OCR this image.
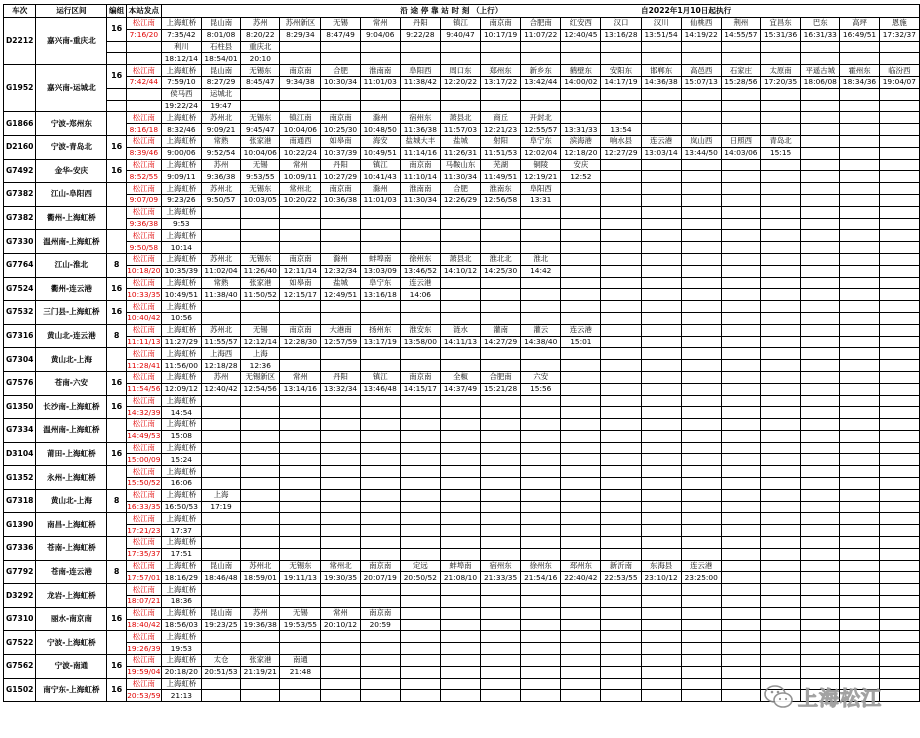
车次	运行区间	编组	本站发点							沿 途 停 靠 站 时 刻 （上行）						自2022年1月10日起执行						
D2212	嘉兴南-重庆北	16	松江南	上海虹桥	昆山南	苏州	苏州新区	无锡	常州	丹阳	镇江	南京南	合肥南	红安西	汉口	汉川	仙桃西	荆州	宜昌东	巴东	高坪	恩施
			7:16/20	7:35/42	8:01/08	8:20/22	8:29/34	8:47/49	9:04/06	9:22/28	9:40/47	10:17/19	11:07/22	12:40/45	13:16/28	13:51/54	14:19/22	14:55/57	15:31/36	16:31/33	16:49/51	17:32/37
				利川	石柱县	重庆北																
				18:12/14	18:54/01	20:10																
G1952	嘉兴南-运城北	16	松江南	上海虹桥	昆山南	无锡东	南京南	合肥	淮南南	阜阳西	周口东	郑州东	新乡东	鹤壁东	安阳东	邯郸东	高邑西	石家庄	太原南	平遥古城	霍州东	临汾西
			7:42/44	7:59/10	8:27/29	8:45/47	9:34/38	10:30/34	11:01/03	11:38/42	12:20/22	13:17/22	13:42/44	14:00/02	14:17/19	14:36/38	15:07/13	15:28/56	17:20/35	18:06/08	18:34/36	19:04/07
				侯马西	运城北																	
				19:22/24	19:47																	
G1866	宁波-郑州东		松江南	上海虹桥	苏州北	无锡东	镇江南	南京南	滁州	宿州东	萧县北	商丘	开封北									
			8:16/18	8:32/46	9:09/21	9:45/47	10:04/06	10:25/30	10:48/50	11:36/38	11:57/03	12:21/23	12:55/57	13:31/33	13:54							
D2160	宁波-青岛北	16	松江南	上海虹桥	常熟	张家港	南通西	如皋南	海安	盐城大丰	盐城	射阳	阜宁东	滨海港	响水县	连云港	岚山西	日照西	青岛北			
			8:39/46	9:00/06	9:52/54	10:04/06	10:22/24	10:37/39	10:49/51	11:14/16	11:26/31	11:51/53	12:02/04	12:18/20	12:27/29	13:03/14	13:44/50	14:03/06	15:15			
G7492	金华-安庆	16	松江南	上海虹桥	苏州	无锡	常州	丹阳	镇江	南京南	马鞍山东	芜湖	铜陵	安庆								
			8:52/55	9:09/11	9:36/38	9:53/55	10:09/11	10:27/29	10:41/43	11:10/14	11:30/34	11:49/51	12:19/21	12:52								
G7382	江山-阜阳西		松江南	上海虹桥	苏州北	无锡东	常州北	南京南	滁州	淮南南	合肥	淮南东	阜阳西									
			9:07/09	9:23/26	9:50/57	10:03/05	10:20/22	10:36/38	11:01/03	11:30/34	12:26/29	12:56/58	13:31									
G7382	衢州-上海虹桥		松江南	上海虹桥																		
			9:36/38	9:53																		
G7330	温州南-上海虹桥		松江南	上海虹桥																		
			9:50/58	10:14																		
G7764	江山-淮北	8	松江南	上海虹桥	苏州北	无锡东	南京南	滁州	蚌埠南	徐州东	萧县北	淮北北	淮北									
			10:18/20	10:35/39	11:02/04	11:26/40	12:11/14	12:32/34	13:03/09	13:46/52	14:10/12	14:25/30	14:42									
G7524	衢州-连云港	16	松江南	上海虹桥	常熟	张家港	如皋南	盐城	阜宁东	连云港												
			10:33/35	10:49/51	11:38/40	11:50/52	12:15/17	12:49/51	13:16/18	14:06												
G7532	三门县-上海虹桥	16	松江南	上海虹桥																		
			10:40/42	10:56																		
G7316	黄山北-连云港	8	松江南	上海虹桥	苏州北	无锡	南京南	大港南	扬州东	淮安东	涟水	灌南	灌云	连云港								
			11:11/13	11:27/29	11:55/57	12:12/14	12:28/30	12:57/59	13:17/19	13:58/00	14:11/13	14:27/29	14:38/40	15:01								
G7304	黄山北-上海		松江南	上海虹桥	上海西	上海																
			11:28/41	11:56/00	12:18/28	12:36																
G7576	苍南-六安	16	松江南	上海虹桥	苏州	无锡新区	常州	丹阳	镇江	南京南	全椒	合肥南	六安									
			11:54/56	12:09/12	12:40/42	12:54/56	13:14/16	13:32/34	13:46/48	14:15/17	14:37/49	15:21/28	15:56									
G1350	长沙南-上海虹桥	16	松江南	上海虹桥																		
			14:32/39	14:54																		
G7334	温州南-上海虹桥		松江南	上海虹桥																		
			14:49/53	15:08																		
D3104	莆田-上海虹桥	16	松江南	上海虹桥																		
			15:00/09	15:24																		
G1352	永州-上海虹桥		松江南	上海虹桥																		
			15:50/52	16:06																		
G7318	黄山北-上海	8	松江南	上海虹桥	上海																	
			16:33/35	16:50/53	17:19																	
G1390	南昌-上海虹桥		松江南	上海虹桥																		
			17:21/23	17:37																		
G7336	苍南-上海虹桥		松江南	上海虹桥																		
			17:35/37	17:51																		
G7792	苍南-连云港	8	松江南	上海虹桥	昆山南	苏州北	无锡东	常州北	南京南	定远	蚌埠南	宿州东	徐州东	邳州东	新沂南	东海县	连云港					
			17:57/01	18:16/29	18:46/48	18:59/01	19:11/13	19:30/35	20:07/19	20:50/52	21:08/10	21:33/35	21:54/16	22:40/42	22:53/55	23:10/12	23:25:00					
D3292	龙岩-上海虹桥		松江南	上海虹桥																		
			18:07/21	18:36																		
G7310	丽水-南京南	16	松江南	上海虹桥	昆山南	苏州	无锡	常州	南京南													
			18:40/42	18:56/03	19:23/25	19:36/38	19:53/55	20:10/12	20:59													
G7522	宁波-上海虹桥		松江南	上海虹桥																		
			19:26/39	19:53																		
G7562	宁波-南通	16	松江南	上海虹桥	太仓	张家港	南通															
			19:59/04	20:18/20	20:51/53	21:19/21	21:48															
G1502	南宁东-上海虹桥	16	松江南	上海虹桥																		
			20:53/59	21:13																			上海松江
